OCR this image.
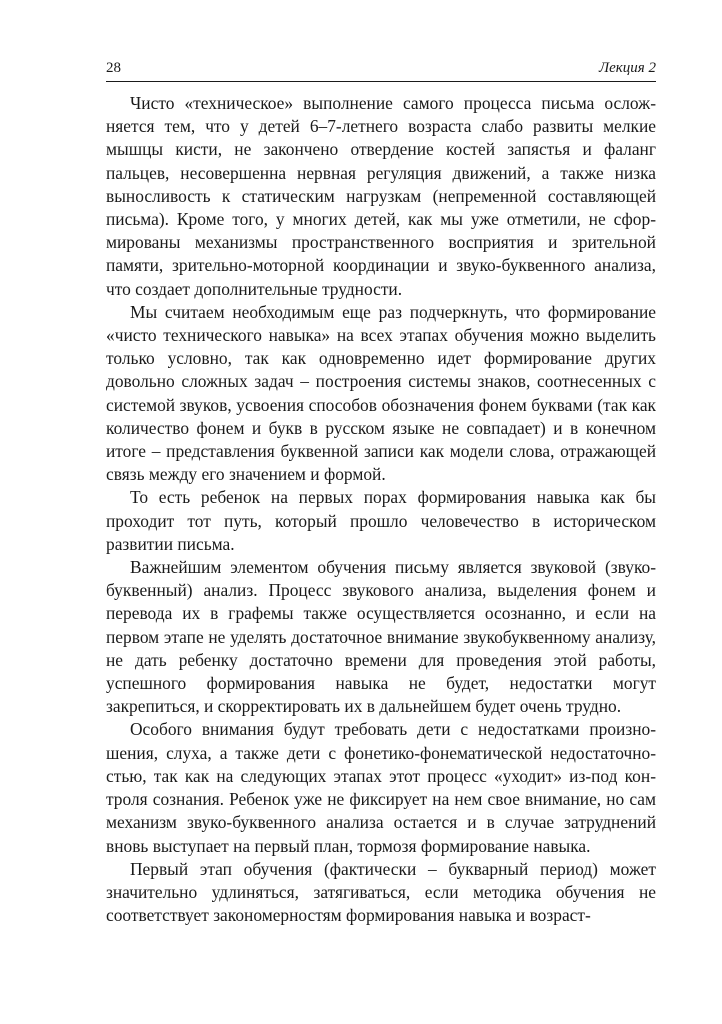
28	Лекция 2

Чисто «техническое» выполнение самого процесса письма осложняется тем, что у детей 6–7-летнего возраста слабо развиты мелкие мышцы кисти, не закончено отвердение костей запястья и фаланг пальцев, несовершенна нервная регуляция движений, а также низка выносливость к статическим нагрузкам (непременной составляющей письма). Кроме того, у многих детей, как мы уже отметили, не сформированы механизмы пространственного восприятия и зрительной памяти, зрительно-моторной координации и звуко-буквенного анализа, что создает дополнительные трудности.

Мы считаем необходимым еще раз подчеркнуть, что формирование «чисто технического навыка» на всех этапах обучения можно выделить только условно, так как одновременно идет формирование других довольно сложных задач – построения системы знаков, соотнесенных с системой звуков, усвоения способов обозначения фонем буквами (так как количество фонем и букв в русском языке не совпадает) и в конечном итоге – представления буквенной записи как модели слова, отражающей связь между его значением и формой.

То есть ребенок на первых порах формирования навыка как бы проходит тот путь, который прошло человечество в историческом развитии письма.

Важнейшим элементом обучения письму является звуковой (звуко-буквенный) анализ. Процесс звукового анализа, выделения фонем и перевода их в графемы также осуществляется осознанно, и если на первом этапе не уделять достаточное внимание звукобуквенному анализу, не дать ребенку достаточно времени для проведения этой работы, успешного формирования навыка не будет, недостатки могут закрепиться, и скорректировать их в дальнейшем будет очень трудно.

Особого внимания будут требовать дети с недостатками произношения, слуха, а также дети с фонетико-фонематической недостаточностью, так как на следующих этапах этот процесс «уходит» из-под контроля сознания. Ребенок уже не фиксирует на нем свое внимание, но сам механизм звуко-буквенного анализа остается и в случае затруднений вновь выступает на первый план, тормозя формирование навыка.

Первый этап обучения (фактически – букварный период) может значительно удлиняться, затягиваться, если методика обучения не соответствует закономерностям формирования навыка и возраст-
